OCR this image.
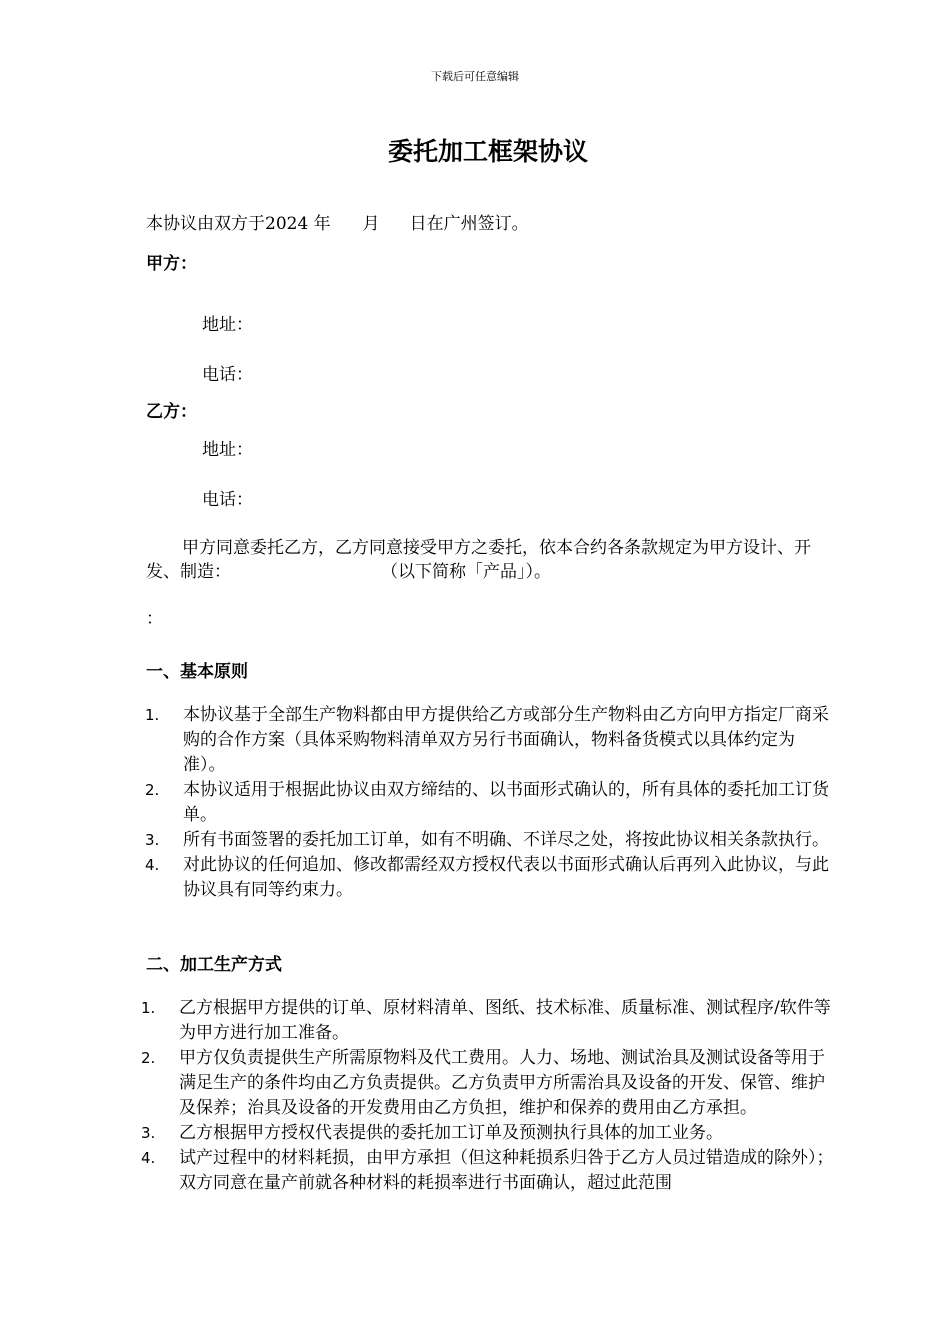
下载后可任意编辑
委托加工框架协议
本协议由双方于2024 年 月 日在广州签订。
甲方：
地址：
电话：
乙方：
地址：
电话：
甲方同意委托乙方，乙方同意接受甲方之委托，依本合约各条款规定为甲方设计、开发、制造：	（以下简称「产品」）。
：
一、基本原则
1. 本协议基于全部生产物料都由甲方提供给乙方或部分生产物料由乙方向甲方指定厂商采购的合作方案（具体采购物料清单双方另行书面确认，物料备货模式以具体约定为准）。
2. 本协议适用于根据此协议由双方缔结的、以书面形式确认的，所有具体的委托加工订货单。
3. 所有书面签署的委托加工订单，如有不明确、不详尽之处，将按此协议相关条款执行。
4. 对此协议的任何追加、修改都需经双方授权代表以书面形式确认后再列入此协议，与此协议具有同等约束力。
二、加工生产方式
1. 乙方根据甲方提供的订单、原材料清单、图纸、技术标准、质量标准、测试程序/软件等为甲方进行加工准备。
2. 甲方仅负责提供生产所需原物料及代工费用。人力、场地、测试治具及测试设备等用于满足生产的条件均由乙方负责提供。乙方负责甲方所需治具及设备的开发、保管、维护及保养；治具及设备的开发费用由乙方负担，维护和保养的费用由乙方承担。
3. 乙方根据甲方授权代表提供的委托加工订单及预测执行具体的加工业务。
4. 试产过程中的材料耗损，由甲方承担（但这种耗损系归咎于乙方人员过错造成的除外）；双方同意在量产前就各种材料的耗损率进行书面确认，超过此范围
